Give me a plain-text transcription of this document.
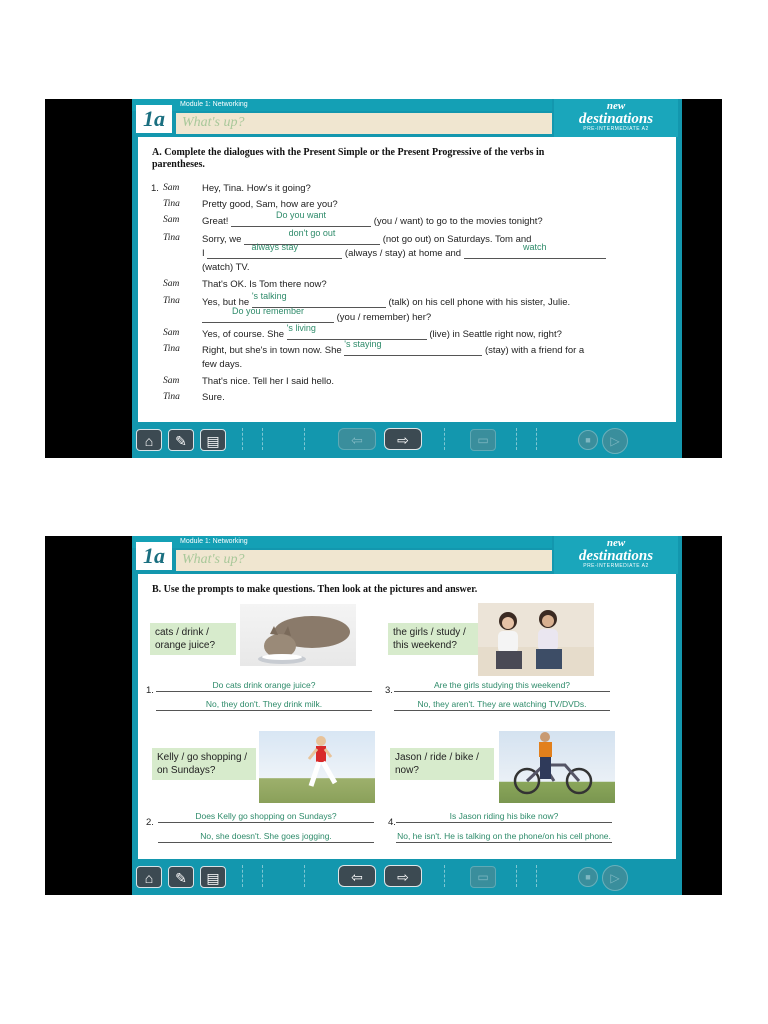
Module 1: Networking
1a	What's up?
new
destinations
PRE-INTERMEDIATE A2
A. Complete the dialogues with the Present Simple or the Present Progressive of the verbs in parentheses.
1. Sam	Hey, Tina. How's it going?
Tina	Pretty good, Sam, how are you?
Sam	Great!
Do you want
(you / want) to go to the movies tonight?
Tina	Sorry, we
don't go out
(not go out) on Saturdays. Tom and
I
always stay
(always / stay) at home and
watch
(watch) TV.
Sam	That's OK. Is Tom there now?
Tina	Yes, but he
's talking
(talk) on his cell phone with his sister, Julie.
Do you remember
(you / remember) her?
Sam	Yes, of course. She
's living
(live) in Seattle right now, right?
Tina	Right, but she's in town now. She
's staying
(stay) with a friend for a
few days.
Sam	That's nice. Tell her I said hello.
Tina	Sure.
⌂	✎	▤	⇦	⇨	▭	■	▷
Module 1: Networking
1a	What's up?
new
destinations
PRE-INTERMEDIATE A2
B. Use the prompts to make questions. Then look at the pictures and answer.
cats / drink /
orange juice?
1.	Do cats drink orange juice?
No, they don't. They drink milk.
the girls / study /
this weekend?
3.	Are the girls studying this weekend?
No, they aren't. They are watching TV/DVDs.
Kelly / go shopping /
on Sundays?
2.
Does Kelly go shopping on Sundays?
No, she doesn't. She goes jogging.
Jason / ride / bike /
now?
4.
Is Jason riding his bike now?
No, he isn't. He is talking on the phone/on his cell phone.
⌂	✎	▤	⇦	⇨	▭	■	▷
